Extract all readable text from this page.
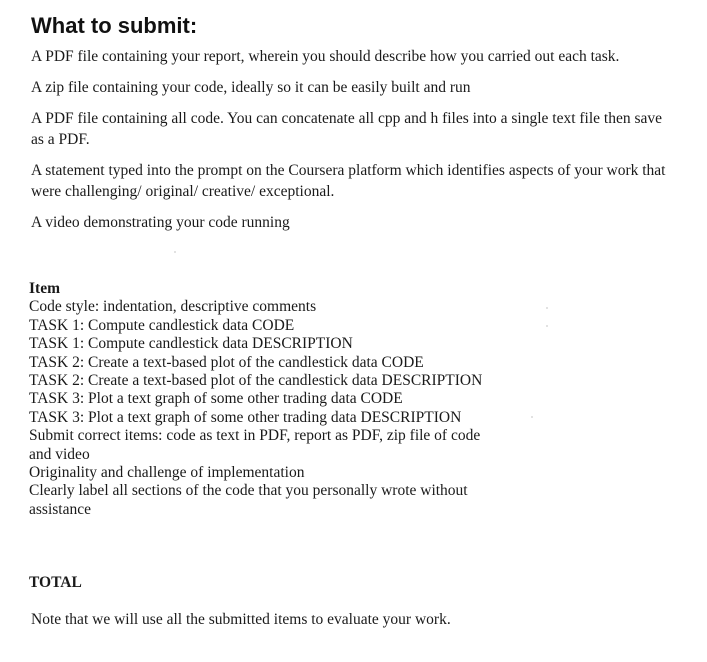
What to submit:
A PDF file containing your report, wherein you should describe how you carried out each task.
A zip file containing your code, ideally so it can be easily built and run
A PDF file containing all code. You can concatenate all cpp and h files into a single text file then save as a PDF.
A statement typed into the prompt on the Coursera platform which identifies aspects of your work that were challenging/ original/ creative/ exceptional.
A video demonstrating your code running
Item
Code style: indentation, descriptive comments
TASK 1: Compute candlestick data CODE
TASK 1: Compute candlestick data DESCRIPTION
TASK 2: Create a text-based plot of the candlestick data CODE
TASK 2: Create a text-based plot of the candlestick data DESCRIPTION
TASK 3: Plot a text graph of some other trading data CODE
TASK 3: Plot a text graph of some other trading data DESCRIPTION
Submit correct items: code as text in PDF, report as PDF, zip file of code and video
Originality and challenge of implementation
Clearly label all sections of the code that you personally wrote without assistance
TOTAL
Note that we will use all the submitted items to evaluate your work.
